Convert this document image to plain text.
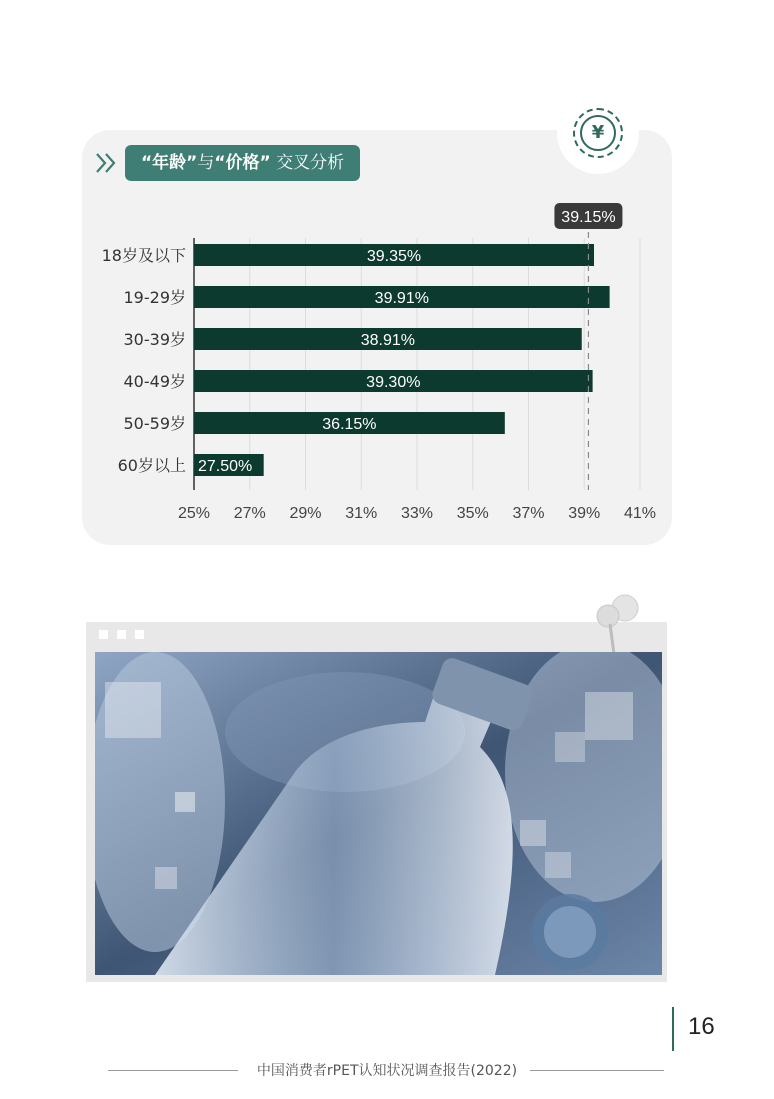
¥
“年龄”与“价格” 交叉分析
25% 27% 29% 31% 33% 35% 37% 39% 41%
39.35%
18岁及以下
39.91%
19-29岁
38.91%
30-39岁
39.30%
40-49岁
36.15%
50-59岁
27.50%
60岁以上
39.15%
16
中国消费者rPET认知状况调查报告(2022)
